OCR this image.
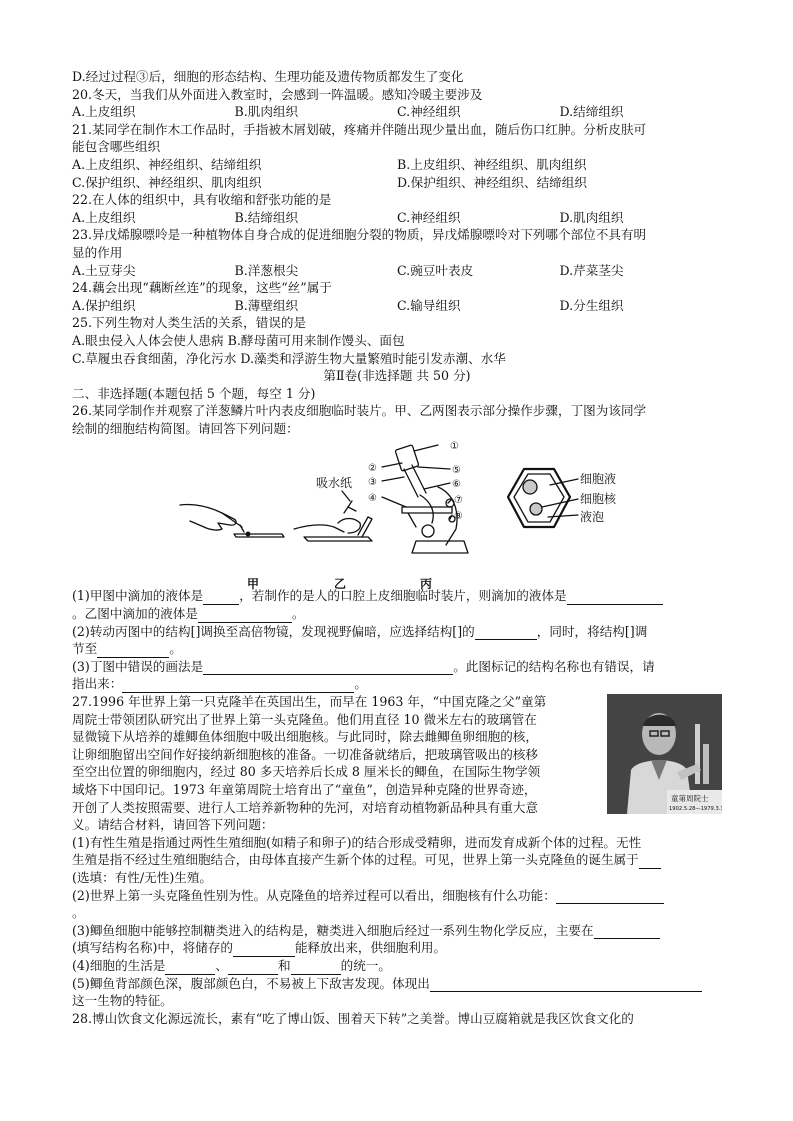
D.经过过程③后，细胞的形态结构、生理功能及遗传物质都发生了变化
20.冬天，当我们从外面进入教室时，会感到一阵温暖。感知冷暖主要涉及
A.上皮组织	B.肌肉组织	C.神经组织	D.结缔组织
21.某同学在制作木工作品时，手指被木屑划破，疼痛并伴随出现少量出血，随后伤口红肿。分析皮肤可
能包含哪些组织
A.上皮组织、神经组织、结缔组织	B.上皮组织、神经组织、肌肉组织
C.保护组织、神经组织、肌肉组织	D.保护组织、神经组织、结缔组织
22.在人体的组织中，具有收缩和舒张功能的是
A.上皮组织	B.结缔组织	C.神经组织	D.肌肉组织
23.异戊烯腺嘌呤是一种植物体自身合成的促进细胞分裂的物质，异戊烯腺嘌呤对下列哪个部位不具有明
显的作用
A.土豆芽尖	B.洋葱根尖	C.豌豆叶表皮	D.芹菜茎尖
24.藕会出现“藕断丝连”的现象，这些“丝”属于
A.保护组织	B.薄壁组织	C.输导组织	D.分生组织
25.下列生物对人类生活的关系，错误的是
A.眼虫侵入人体会使人患病 B.酵母菌可用来制作馒头、面包
C.草履虫吞食细菌，净化污水 D.藻类和浮游生物大量繁殖时能引发赤潮、水华
第Ⅱ卷(非选择题 共 50 分)
二、非选择题(本题包括 5 个题，每空 1 分)
26.某同学制作并观察了洋葱鳞片叶内表皮细胞临时装片。甲、乙两图表示部分操作步骤，丁图为该同学
绘制的细胞结构简图。请回答下列问题：
吸水纸
①
②
③
④
⑤
⑥
⑦
⑧
细胞液
细胞核
液泡
甲	乙	丙
(1)甲图中滴加的液体是	，若制作的是人的口腔上皮细胞临时装片，则滴加的液体是
。乙图中滴加的液体是	。
(2)转动丙图中的结构[]调换至高倍物镜，发现视野偏暗，应选择结构[]的	，同时，将结构[]调
节至	。
(3)丁图中错误的画法是	。此图标记的结构名称也有错误，请
指出来：	。
27.1996 年世界上第一只克隆羊在英国出生，而早在 1963 年，“中国克隆之父”童第
周院士带领团队研究出了世界上第一头克隆鱼。他们用直径 10 微米左右的玻璃管在
显微镜下从培养的雄鲫鱼体细胞中吸出细胞核。与此同时，除去雌鲫鱼卵细胞的核，
让卵细胞留出空间作好接纳新细胞核的准备。一切准备就绪后，把玻璃管吸出的核移
至空出位置的卵细胞内，经过 80 多天培养后长成 8 厘米长的鲫鱼，在国际生物学领
域烙下中国印记。1973 年童第周院士培育出了“童鱼”，创造异种克隆的世界奇迹，
开创了人类按照需要、进行人工培养新物种的先河，对培育动植物新品种具有重大意
义。请结合材料，请回答下列问题：
童第周院士
1902.5.28—1979.3.30
(1)有性生殖是指通过两性生殖细胞(如精子和卵子)的结合形成受精卵，进而发育成新个体的过程。无性
生殖是指不经过生殖细胞结合，由母体直接产生新个体的过程。可见，世界上第一头克隆鱼的诞生属于
(选填：有性/无性)生殖。
(2)世界上第一头克隆鱼性别为性。从克隆鱼的培养过程可以看出，细胞核有什么功能：
。
(3)鲫鱼细胞中能够控制糖类进入的结构是，糖类进入细胞后经过一系列生物化学反应，主要在
(填写结构名称)中，将储存的	能释放出来，供细胞利用。
(4)细胞的生活是	、	和	的统一。
(5)鲫鱼背部颜色深，腹部颜色白，不易被上下敌害发现。体现出
这一生物的特征。
28.博山饮食文化源远流长，素有“吃了博山饭、围着天下转”之美誉。博山豆腐箱就是我区饮食文化的
